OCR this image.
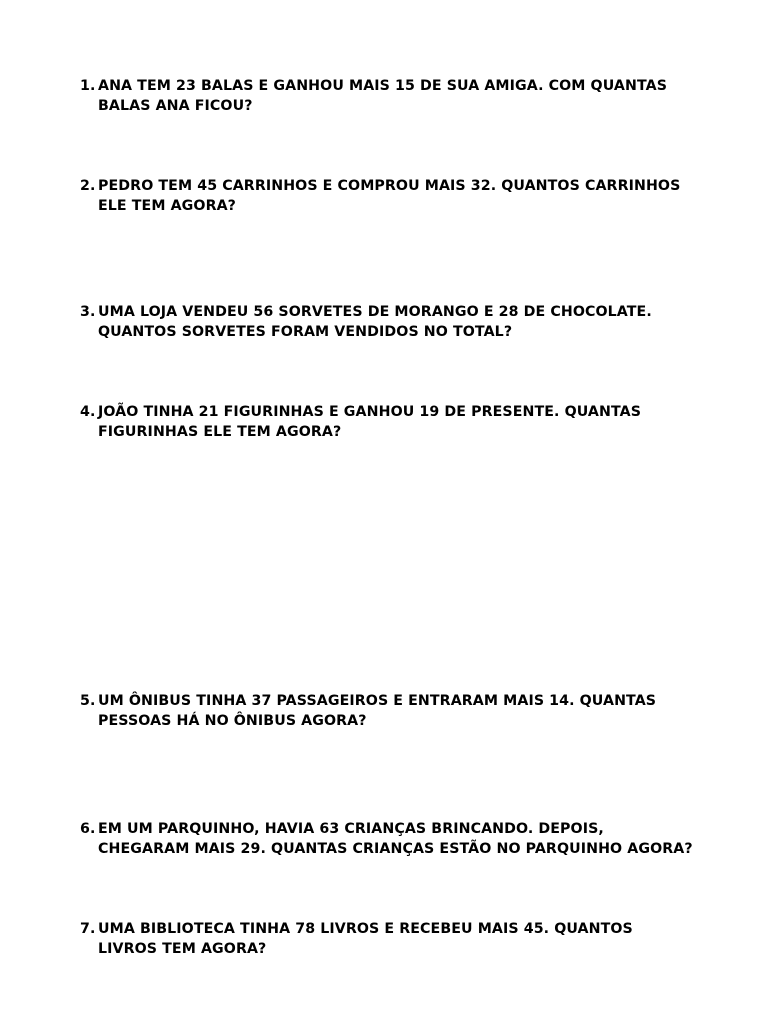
1. ANA TEM 23 BALAS E GANHOU MAIS 15 DE SUA AMIGA. COM QUANTAS
BALAS ANA FICOU?
2. PEDRO TEM 45 CARRINHOS E COMPROU MAIS 32. QUANTOS CARRINHOS
ELE TEM AGORA?
3. UMA LOJA VENDEU 56 SORVETES DE MORANGO E 28 DE CHOCOLATE.
QUANTOS SORVETES FORAM VENDIDOS NO TOTAL?
4. JOÃO TINHA 21 FIGURINHAS E GANHOU 19 DE PRESENTE. QUANTAS
FIGURINHAS ELE TEM AGORA?
5. UM ÔNIBUS TINHA 37 PASSAGEIROS E ENTRARAM MAIS 14. QUANTAS
PESSOAS HÁ NO ÔNIBUS AGORA?
6. EM UM PARQUINHO, HAVIA 63 CRIANÇAS BRINCANDO. DEPOIS,
CHEGARAM MAIS 29. QUANTAS CRIANÇAS ESTÃO NO PARQUINHO AGORA?
7. UMA BIBLIOTECA TINHA 78 LIVROS E RECEBEU MAIS 45. QUANTOS
LIVROS TEM AGORA?
